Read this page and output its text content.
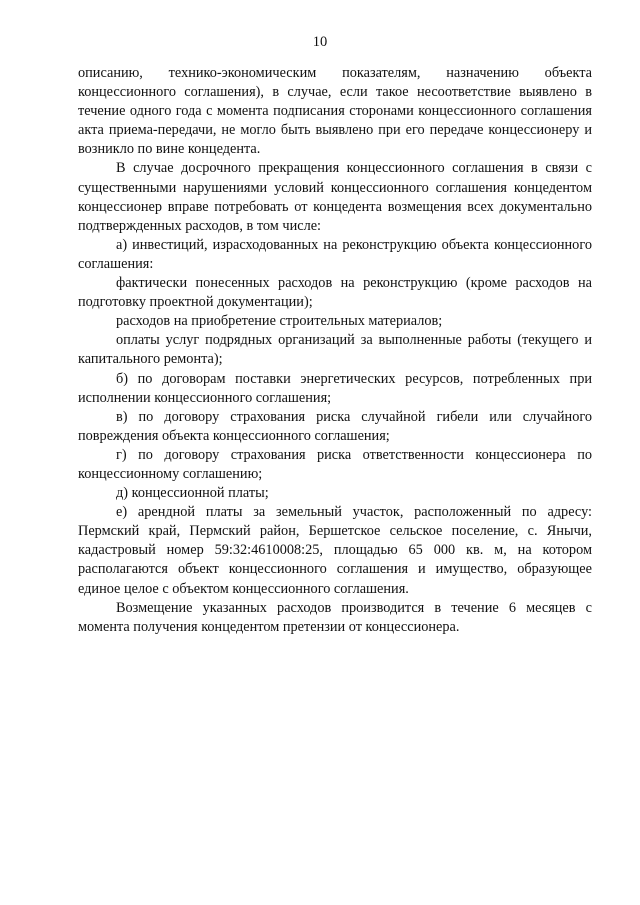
10

описанию, технико-экономическим показателям, назначению объекта концессионного соглашения), в случае, если такое несоответствие выявлено в течение одного года с момента подписания сторонами концессионного соглашения акта приема-передачи, не могло быть выявлено при его передаче концессионеру и возникло по вине концедента.

В случае досрочного прекращения концессионного соглашения в связи с существенными нарушениями условий концессионного соглашения концедентом концессионер вправе потребовать от концедента возмещения всех документально подтвержденных расходов, в том числе:

а) инвестиций, израсходованных на реконструкцию объекта концессионного соглашения:

фактически понесенных расходов на реконструкцию (кроме расходов на подготовку проектной документации);

расходов на приобретение строительных материалов;

оплаты услуг подрядных организаций за выполненные работы (текущего и капитального ремонта);

б) по договорам поставки энергетических ресурсов, потребленных при исполнении концессионного соглашения;

в) по договору страхования риска случайной гибели или случайного повреждения объекта концессионного соглашения;

г) по договору страхования риска ответственности концессионера по концессионному соглашению;

д) концессионной платы;

е) арендной платы за земельный участок, расположенный по адресу: Пермский край, Пермский район, Бершетское сельское поселение, с. Янычи, кадастровый номер 59:32:4610008:25, площадью 65 000 кв. м, на котором располагаются объект концессионного соглашения и имущество, образующее единое целое с объектом концессионного соглашения.

Возмещение указанных расходов производится в течение 6 месяцев с момента получения концедентом претензии от концессионера.
